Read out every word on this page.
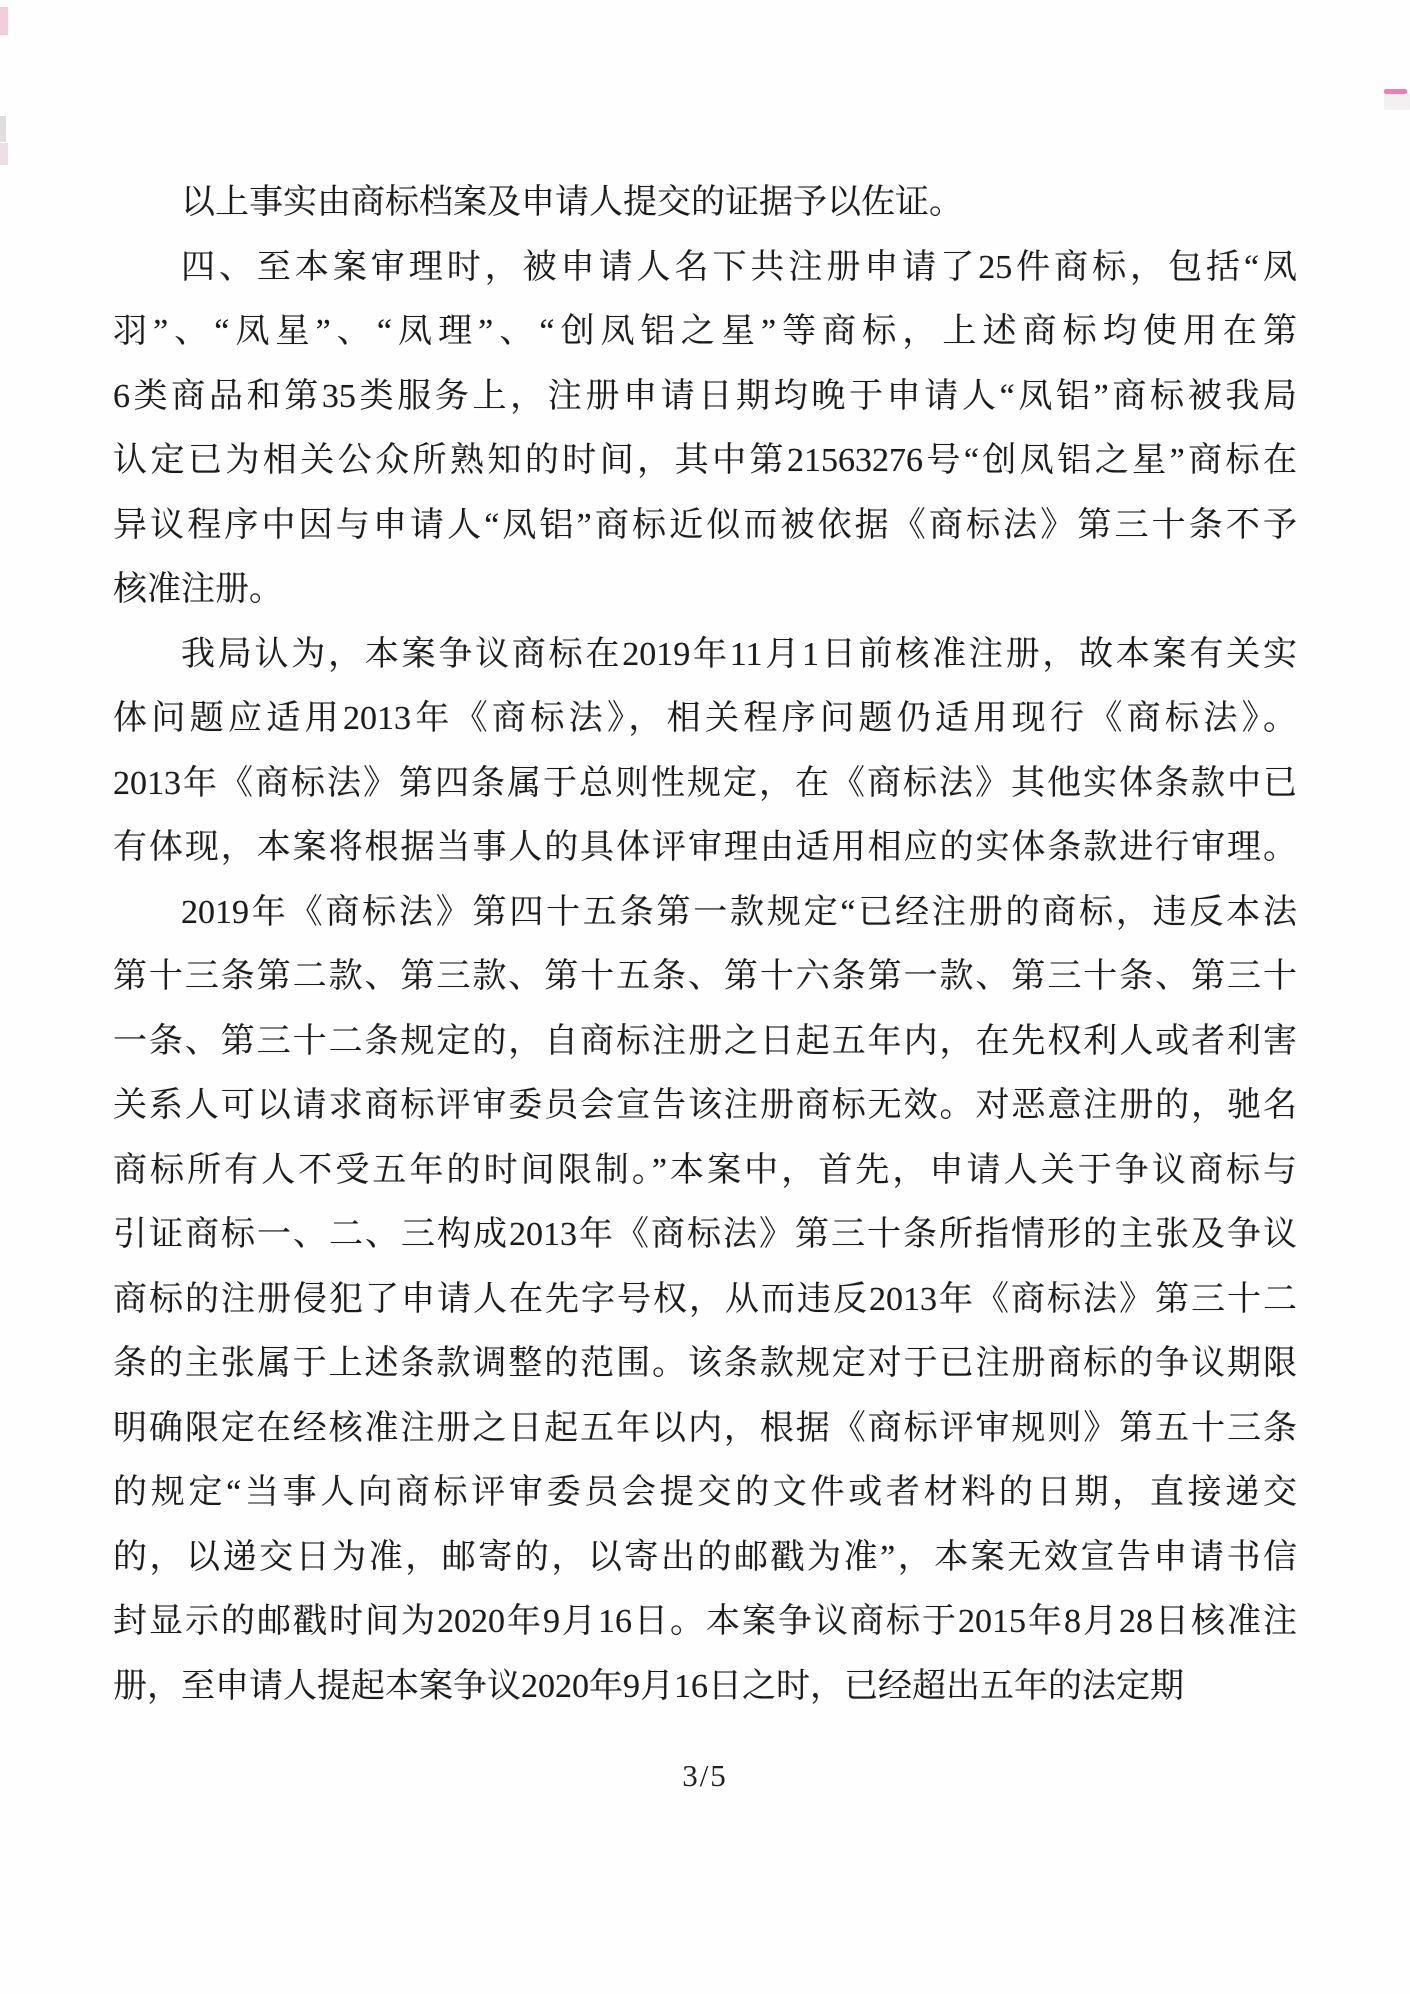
以上事实由商标档案及申请人提交的证据予以佐证。
四、至本案审理时，被申请人名下共注册申请了25件商标，包括“凤
羽”、“凤星”、“凤理”、“创凤铝之星”等商标，上述商标均使用在第
6类商品和第35类服务上，注册申请日期均晚于申请人“凤铝”商标被我局
认定已为相关公众所熟知的时间，其中第21563276号“创凤铝之星”商标在
异议程序中因与申请人“凤铝”商标近似而被依据《商标法》第三十条不予
核准注册。
我局认为，本案争议商标在2019年11月1日前核准注册，故本案有关实
体问题应适用2013年《商标法》，相关程序问题仍适用现行《商标法》。
2013年《商标法》第四条属于总则性规定，在《商标法》其他实体条款中已
有体现，本案将根据当事人的具体评审理由适用相应的实体条款进行审理。
2019年《商标法》第四十五条第一款规定“已经注册的商标，违反本法
第十三条第二款、第三款、第十五条、第十六条第一款、第三十条、第三十
一条、第三十二条规定的，自商标注册之日起五年内，在先权利人或者利害
关系人可以请求商标评审委员会宣告该注册商标无效。对恶意注册的，驰名
商标所有人不受五年的时间限制。”本案中，首先，申请人关于争议商标与
引证商标一、二、三构成2013年《商标法》第三十条所指情形的主张及争议
商标的注册侵犯了申请人在先字号权，从而违反2013年《商标法》第三十二
条的主张属于上述条款调整的范围。该条款规定对于已注册商标的争议期限
明确限定在经核准注册之日起五年以内，根据《商标评审规则》第五十三条
的规定“当事人向商标评审委员会提交的文件或者材料的日期，直接递交
的，以递交日为准，邮寄的，以寄出的邮戳为准”，本案无效宣告申请书信
封显示的邮戳时间为2020年9月16日。本案争议商标于2015年8月28日核准注
册，至申请人提起本案争议2020年9月16日之时，已经超出五年的法定期
3/5
